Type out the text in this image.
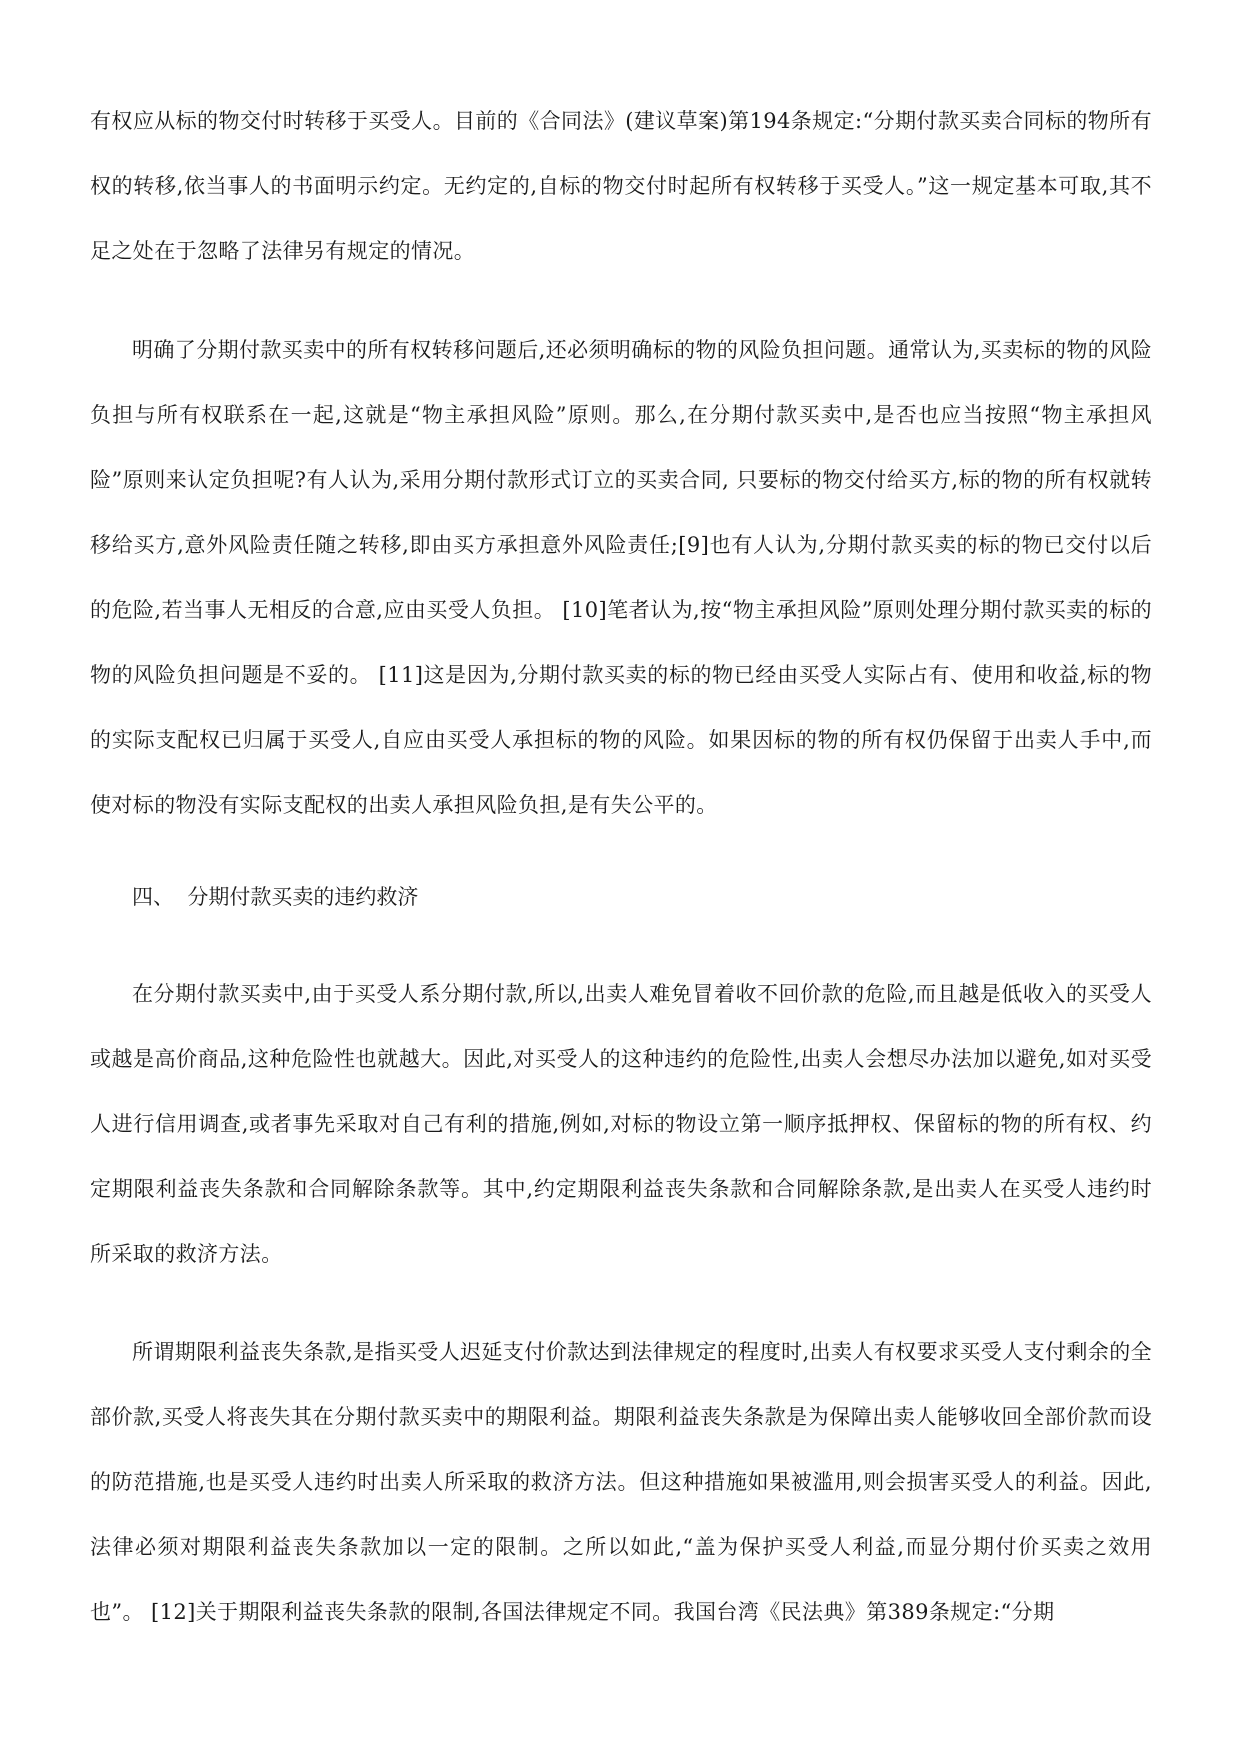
有权应从标的物交付时转移于买受人。目前的《合同法》(建议草案)第194条规定:“分期付款买卖合同标的物所有权的转移,依当事人的书面明示约定。无约定的,自标的物交付时起所有权转移于买受人。”这一规定基本可取,其不足之处在于忽略了法律另有规定的情况。

明确了分期付款买卖中的所有权转移问题后,还必须明确标的物的风险负担问题。通常认为,买卖标的物的风险负担与所有权联系在一起,这就是“物主承担风险”原则。那么,在分期付款买卖中,是否也应当按照“物主承担风险”原则来认定负担呢?有人认为,采用分期付款形式订立的买卖合同, 只要标的物交付给买方,标的物的所有权就转移给买方,意外风险责任随之转移,即由买方承担意外风险责任;[9]也有人认为,分期付款买卖的标的物已交付以后的危险,若当事人无相反的合意,应由买受人负担。 [10]笔者认为,按“物主承担风险”原则处理分期付款买卖的标的物的风险负担问题是不妥的。 [11]这是因为,分期付款买卖的标的物已经由买受人实际占有、使用和收益,标的物的实际支配权已归属于买受人,自应由买受人承担标的物的风险。如果因标的物的所有权仍保留于出卖人手中,而使对标的物没有实际支配权的出卖人承担风险负担,是有失公平的。

四、  分期付款买卖的违约救济

在分期付款买卖中,由于买受人系分期付款,所以,出卖人难免冒着收不回价款的危险,而且越是低收入的买受人或越是高价商品,这种危险性也就越大。因此,对买受人的这种违约的危险性,出卖人会想尽办法加以避免,如对买受人进行信用调查,或者事先采取对自己有利的措施,例如,对标的物设立第一顺序抵押权、保留标的物的所有权、约定期限利益丧失条款和合同解除条款等。其中,约定期限利益丧失条款和合同解除条款,是出卖人在买受人违约时所采取的救济方法。

所谓期限利益丧失条款,是指买受人迟延支付价款达到法律规定的程度时,出卖人有权要求买受人支付剩余的全部价款,买受人将丧失其在分期付款买卖中的期限利益。期限利益丧失条款是为保障出卖人能够收回全部价款而设的防范措施,也是买受人违约时出卖人所采取的救济方法。但这种措施如果被滥用,则会损害买受人的利益。因此,法律必须对期限利益丧失条款加以一定的限制。之所以如此,“盖为保护买受人利益,而显分期付价买卖之效用也”。 [12]关于期限利益丧失条款的限制,各国法律规定不同。我国台湾《民法典》第389条规定:“分期
